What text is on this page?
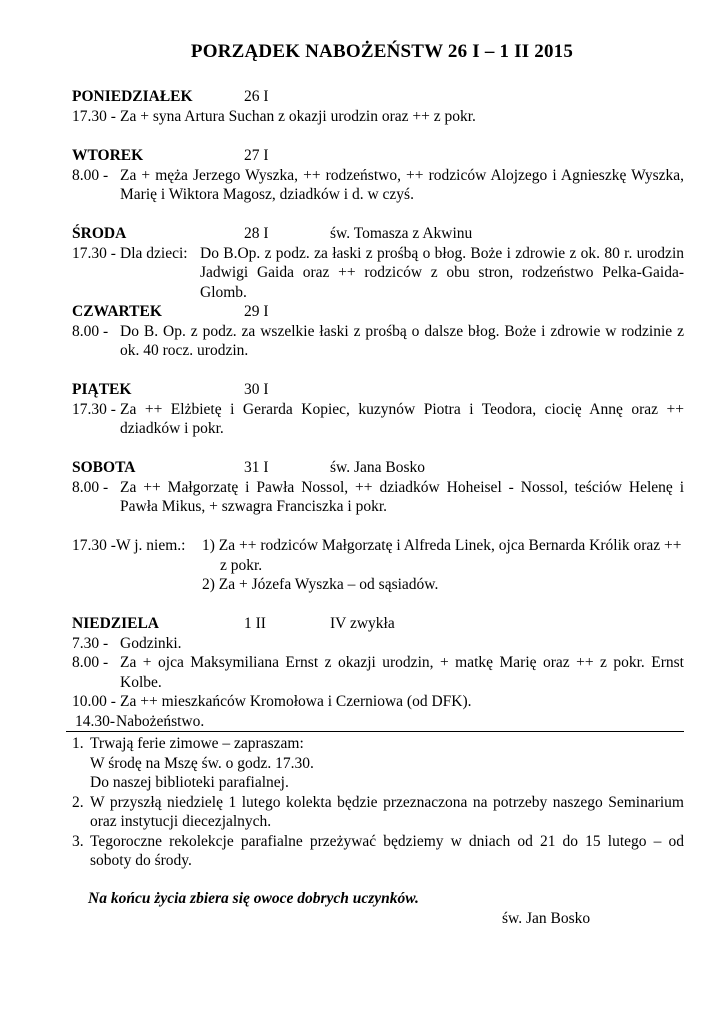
PORZĄDEK NABOŻEŃSTW 26 I – 1 II 2015
PONIEDZIAŁEK	26 I
17.30 - Za + syna Artura Suchan z okazji urodzin oraz ++ z pokr.
WTOREK	27 I
8.00 - Za + męża Jerzego Wyszka, ++ rodzeństwo, ++ rodziców Alojzego i Agnieszkę Wyszka, Marię i Wiktora Magosz, dziadków i d. w czyś.
ŚRODA	28 I	św. Tomasza z Akwinu
17.30 - Dla dzieci: Do B.Op. z podz. za łaski z prośbą o błog. Boże i zdrowie z ok. 80 r. urodzin Jadwigi Gaida oraz ++ rodziców z obu stron, rodzeństwo Pelka-Gaida-Glomb.
CZWARTEK	29 I
8.00 - Do B. Op. z podz. za wszelkie łaski z prośbą o dalsze błog. Boże i zdrowie w rodzinie z ok. 40 rocz. urodzin.
PIĄTEK	30 I
17.30 - Za ++ Elżbietę i Gerarda Kopiec, kuzynów Piotra i Teodora, ciocię Annę oraz ++ dziadków i pokr.
SOBOTA	31 I	św. Jana Bosko
8.00 - Za ++ Małgorzatę i Pawła Nossol, ++ dziadków Hoheisel - Nossol, teściów Helenę i Pawła Mikus, + szwagra Franciszka i pokr.
17.30 - W j. niem.: 1) Za ++ rodziców Małgorzatę i Alfreda Linek, ojca Bernarda Królik oraz ++ z pokr.
2) Za + Józefa Wyszka – od sąsiadów.
NIEDZIELA	1 II	IV zwykła
7.30 - Godzinki.
8.00 - Za + ojca Maksymiliana Ernst z okazji urodzin, + matkę Marię oraz ++ z pokr. Ernst Kolbe.
10.00 - Za ++ mieszkańców Kromołowa i Czerniowa (od DFK).
14.30- Nabożeństwo.
1. Trwają ferie zimowe – zapraszam:
W środę na Mszę św. o godz. 17.30.
Do naszej biblioteki parafialnej.
2. W przyszłą niedzielę 1 lutego kolekta będzie przeznaczona na potrzeby naszego Seminarium oraz instytucji diecezjalnych.
3. Tegoroczne rekolekcje parafialne przeżywać będziemy w dniach od 21 do 15 lutego – od soboty do środy.
Na końcu życia zbiera się owoce dobrych uczynków.
św. Jan Bosko
